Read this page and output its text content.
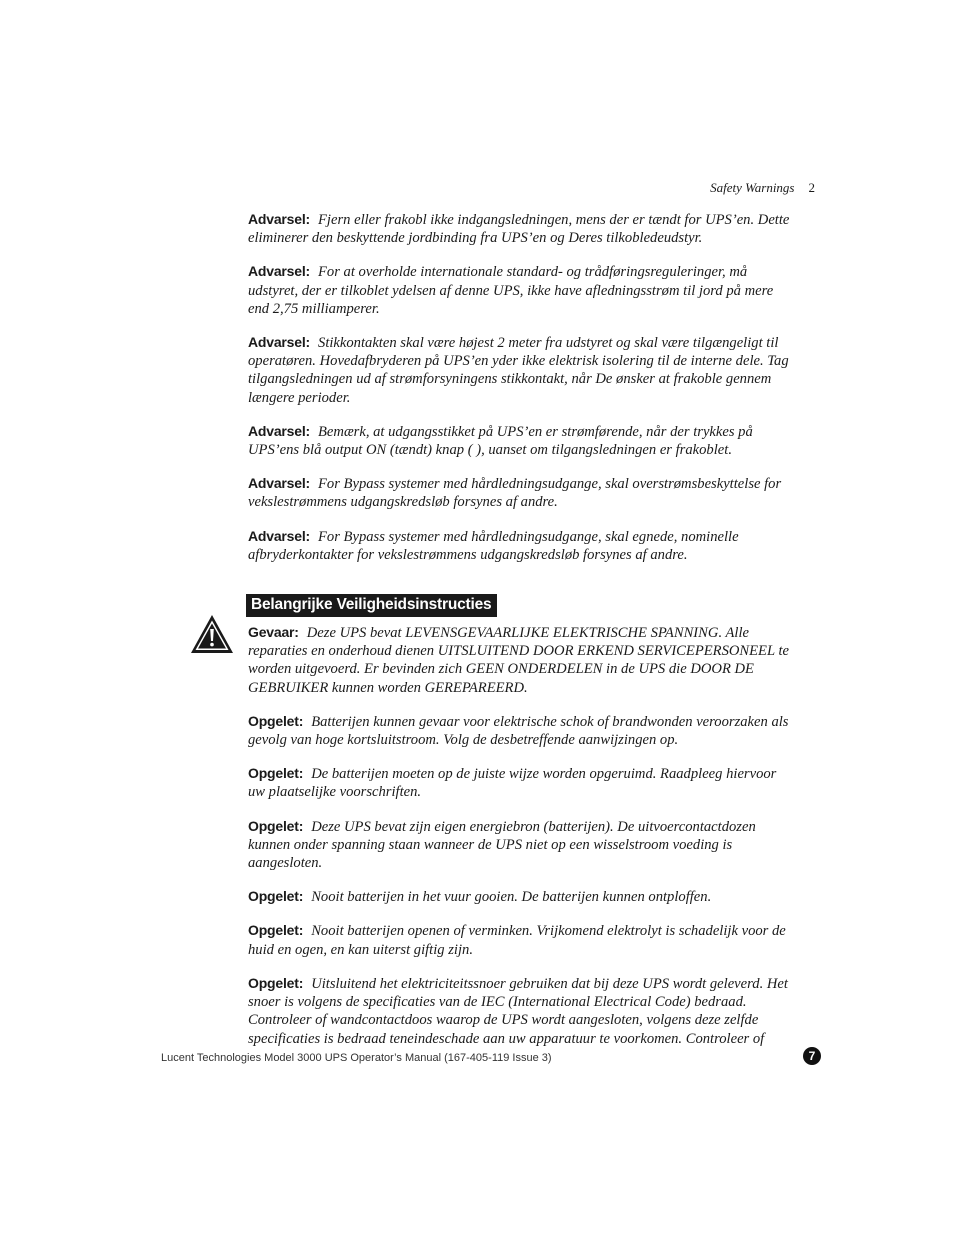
Safety Warnings 2

Advarsel: Fjern eller frakobl ikke indgangsledningen, mens der er tændt for UPS’en. Dette eliminerer den beskyttende jordbinding fra UPS’en og Deres tilkobledeudstyr.

Advarsel: For at overholde internationale standard- og trådføringsreguleringer, må udstyret, der er tilkoblet ydelsen af denne UPS, ikke have afledningsstrøm til jord på mere end 2,75 milliamperer.

Advarsel: Stikkontakten skal være højest 2 meter fra udstyret og skal være tilgængeligt til operatøren. Hovedafbryderen på UPS’en yder ikke elektrisk isolering til de interne dele. Tag tilgangsledningen ud af strømforsyningens stikkontakt, når De ønsker at frakoble gennem længere perioder.

Advarsel: Bemærk, at udgangsstikket på UPS’en er strømførende, når der trykkes på UPS’ens blå output ON (tændt) knap ( ), uanset om tilgangsledningen er frakoblet.

Advarsel: For Bypass systemer med hårdledningsudgange, skal overstrømsbeskyttelse for vekslestrømmens udgangskredsløb forsynes af andre.

Advarsel: For Bypass systemer med hårdledningsudgange, skal egnede, nominelle afbryderkontakter for vekslestrømmens udgangskredsløb forsynes af andre.

Belangrijke Veiligheidsinstructies

Gevaar: Deze UPS bevat LEVENSGEVAARLIJKE ELEKTRISCHE SPANNING. Alle reparaties en onderhoud dienen UITSLUITEND DOOR ERKEND SERVICEPERSONEEL te worden uitgevoerd. Er bevinden zich GEEN ONDERDELEN in de UPS die DOOR DE GEBRUIKER kunnen worden GEREPAREERD.

Opgelet: Batterijen kunnen gevaar voor elektrische schok of brandwonden veroorzaken als gevolg van hoge kortsluitstroom. Volg de desbetreffende aanwijzingen op.

Opgelet: De batterijen moeten op de juiste wijze worden opgeruimd. Raadpleeg hiervoor uw plaatselijke voorschriften.

Opgelet: Deze UPS bevat zijn eigen energiebron (batterijen). De uitvoercontactdozen kunnen onder spanning staan wanneer de UPS niet op een wisselstroom voeding is aangesloten.

Opgelet: Nooit batterijen in het vuur gooien. De batterijen kunnen ontploffen.

Opgelet: Nooit batterijen openen of verminken. Vrijkomend elektrolyt is schadelijk voor de huid en ogen, en kan uiterst giftig zijn.

Opgelet: Uitsluitend het elektriciteitssnoer gebruiken dat bij deze UPS wordt geleverd. Het snoer is volgens de specificaties van de IEC (International Electrical Code) bedraad. Controleer of wandcontactdoos waarop de UPS wordt aangesloten, volgens deze zelfde specificaties is bedraad teneindeschade aan uw apparatuur te voorkomen. Controleer of

Lucent Technologies Model 3000 UPS Operator’s Manual (167-405-119 Issue 3)	7
